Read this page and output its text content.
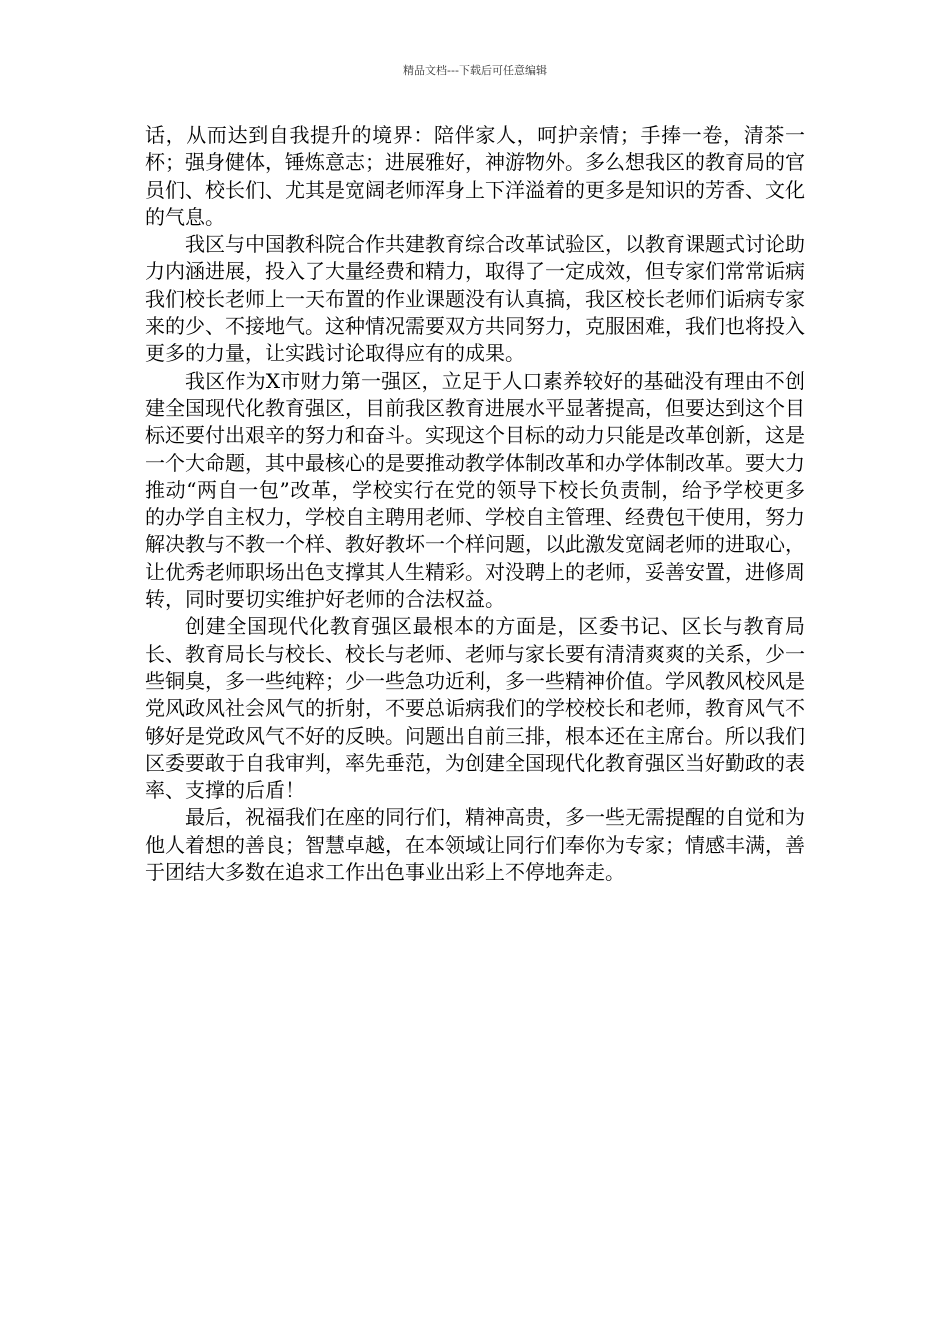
精品文档---下载后可任意编辑

话，从而达到自我提升的境界：陪伴家人，呵护亲情；手捧一卷，清茶一杯；强身健体，锤炼意志；进展雅好，神游物外。多么想我区的教育局的官员们、校长们、尤其是宽阔老师浑身上下洋溢着的更多是知识的芳香、文化的气息。

我区与中国教科院合作共建教育综合改革试验区，以教育课题式讨论助力内涵进展，投入了大量经费和精力，取得了一定成效，但专家们常常诟病我们校长老师上一天布置的作业课题没有认真搞，我区校长老师们诟病专家来的少、不接地气。这种情况需要双方共同努力，克服困难，我们也将投入更多的力量，让实践讨论取得应有的成果。

我区作为X市财力第一强区，立足于人口素养较好的基础没有理由不创建全国现代化教育强区，目前我区教育进展水平显著提高，但要达到这个目标还要付出艰辛的努力和奋斗。实现这个目标的动力只能是改革创新，这是一个大命题，其中最核心的是要推动教学体制改革和办学体制改革。要大力推动“两自一包”改革，学校实行在党的领导下校长负责制，给予学校更多的办学自主权力，学校自主聘用老师、学校自主管理、经费包干使用，努力解决教与不教一个样、教好教坏一个样问题，以此激发宽阔老师的进取心，让优秀老师职场出色支撑其人生精彩。对没聘上的老师，妥善安置，进修周转，同时要切实维护好老师的合法权益。

创建全国现代化教育强区最根本的方面是，区委书记、区长与教育局长、教育局长与校长、校长与老师、老师与家长要有清清爽爽的关系，少一些铜臭，多一些纯粹；少一些急功近利，多一些精神价值。学风教风校风是党风政风社会风气的折射，不要总诟病我们的学校校长和老师，教育风气不够好是党政风气不好的反映。问题出自前三排，根本还在主席台。所以我们区委要敢于自我审判，率先垂范，为创建全国现代化教育强区当好勤政的表率、支撑的后盾！

最后，祝福我们在座的同行们，精神高贵，多一些无需提醒的自觉和为他人着想的善良；智慧卓越，在本领域让同行们奉你为专家；情感丰满，善于团结大多数在追求工作出色事业出彩上不停地奔走。
